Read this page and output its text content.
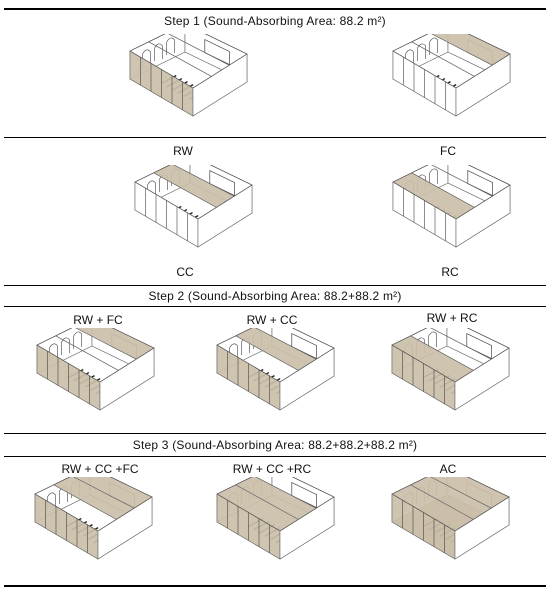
Step 1 (Sound-Absorbing Area: 88.2 m²)
Step 2 (Sound-Absorbing Area: 88.2+88.2 m²)
Step 3 (Sound-Absorbing Area: 88.2+88.2+88.2 m²)
RW	FC
CC	RC
RW + FC	RW + CC	RW + RC
RW + CC +FC	RW + CC +RC	AC
